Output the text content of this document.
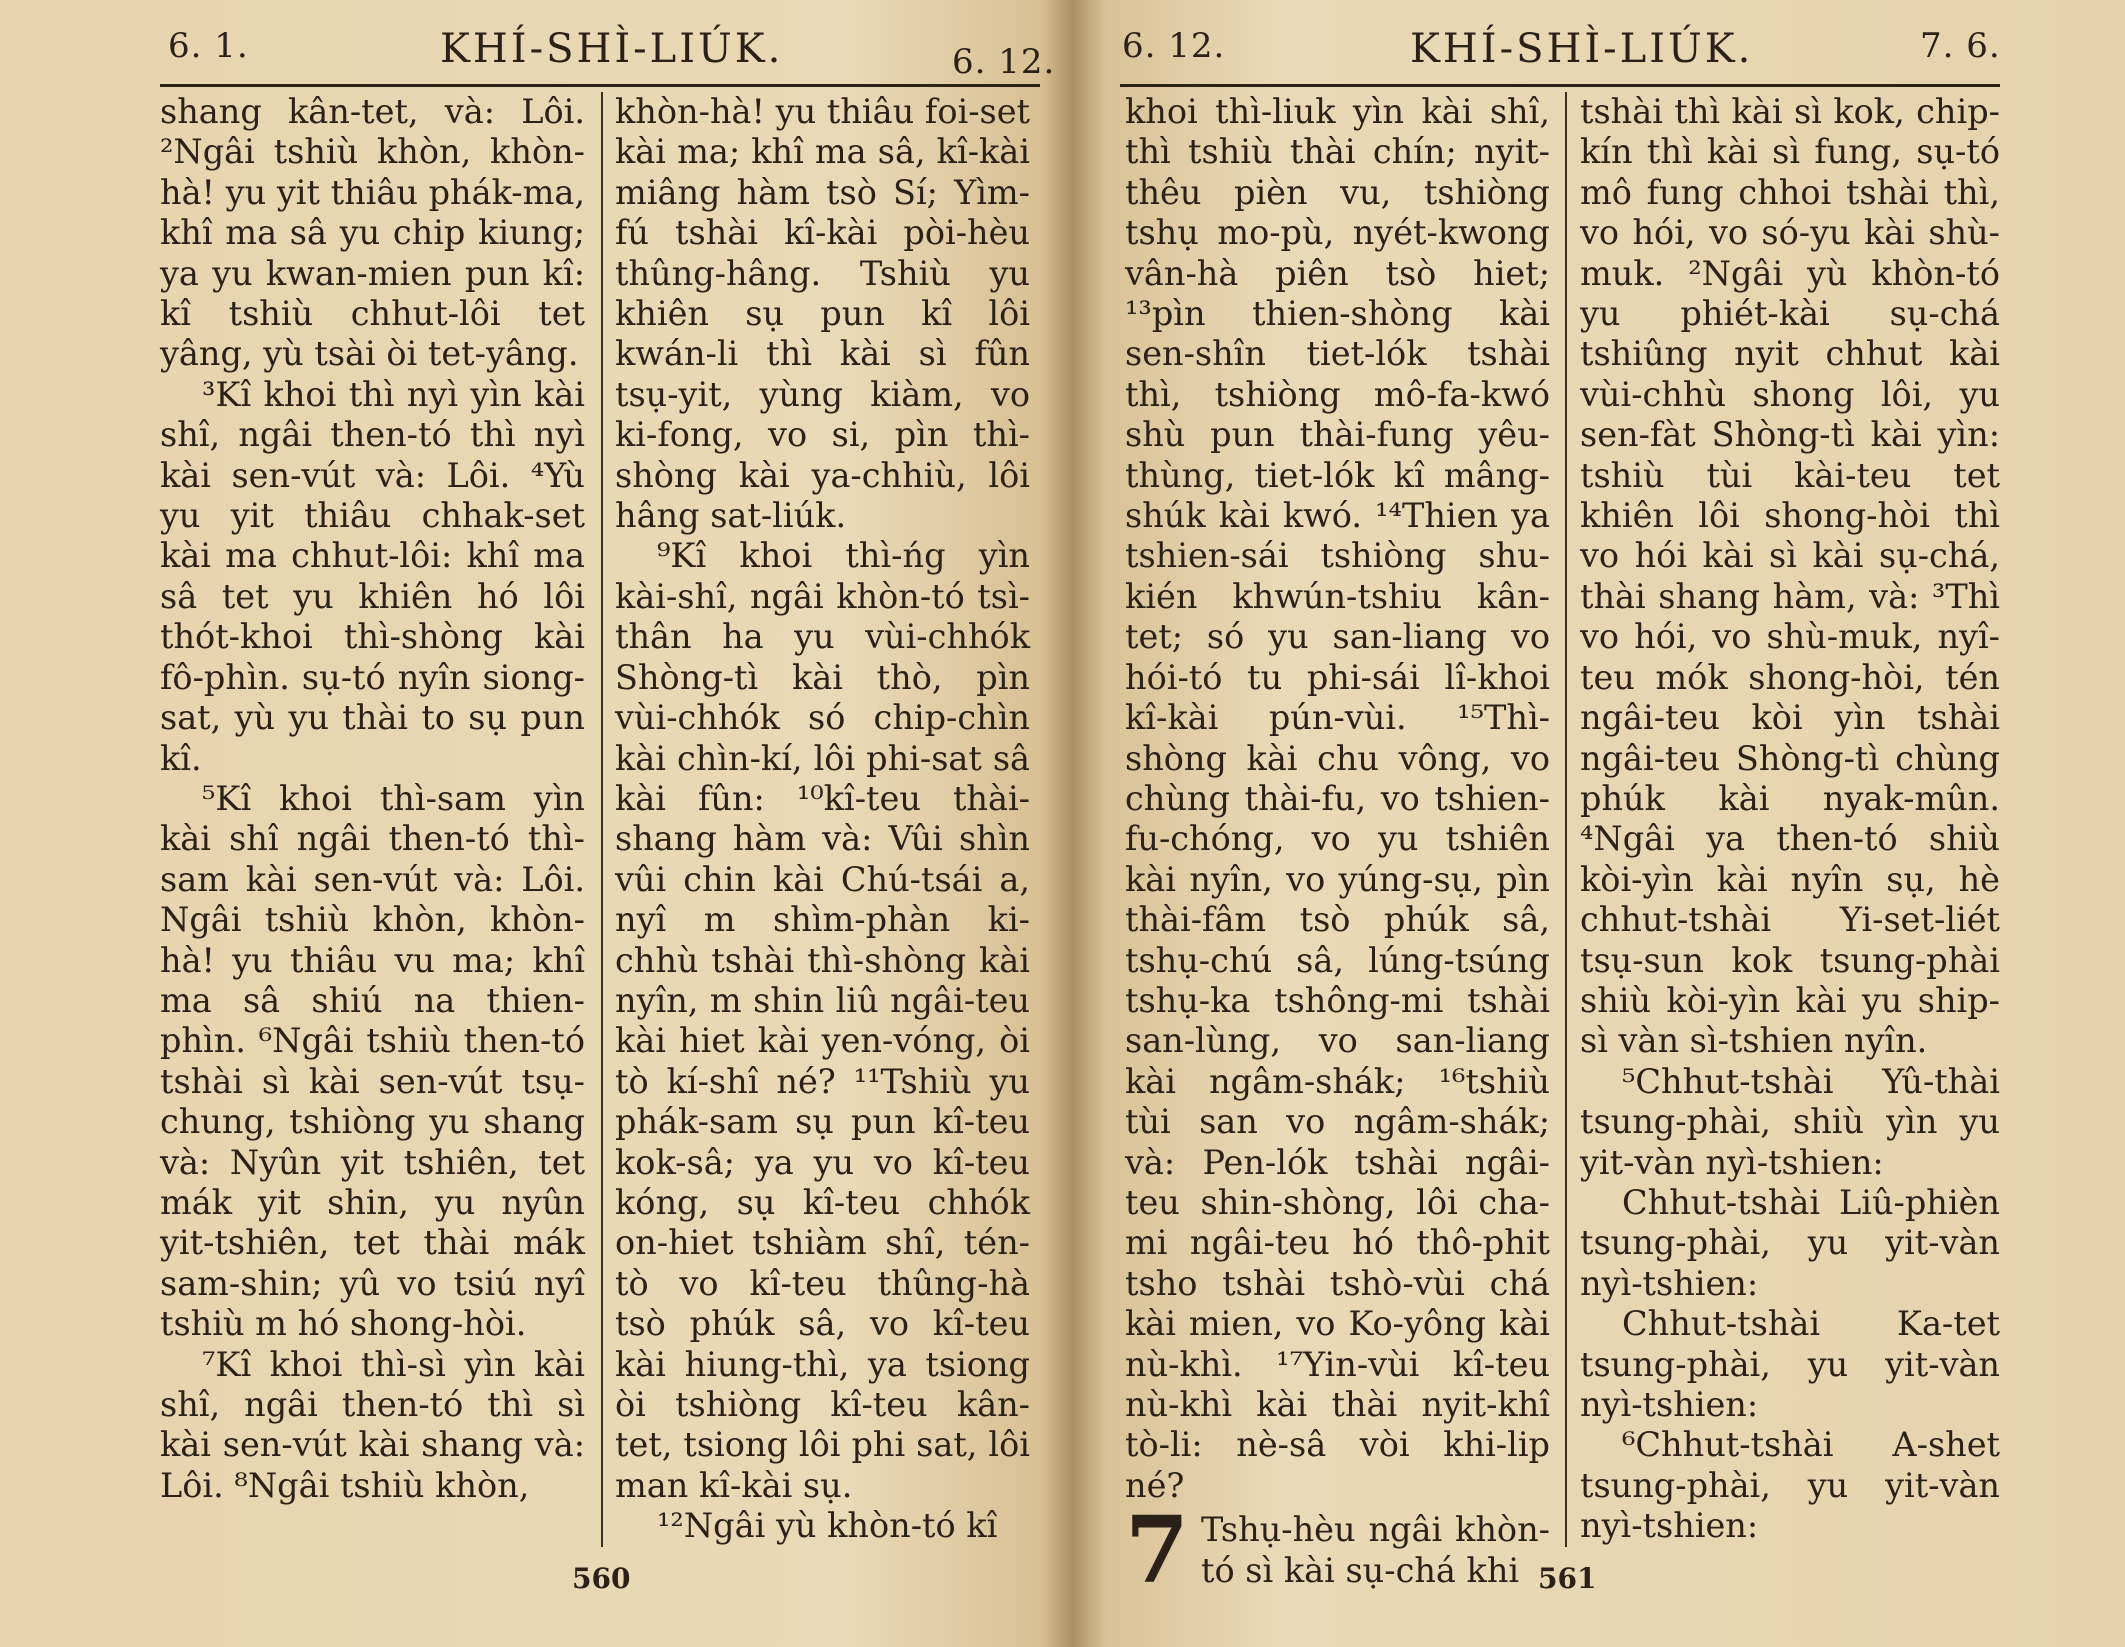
6. 1.	KHÍ-SHÌ-LIÚK.	6. 12.

shang kân-tet, và: Lôi. ²Ngâi tshiù khòn, khòn-hà! yu yit thiâu phák-ma, khî ma sâ yu chip kiung; ya yu kwan-mien pun kî: kî tshiù chhut-lôi tet yâng, yù tsài òi tet-yâng.

³Kî khoi thì nyì yìn kài shî, ngâi then-tó thì nyì kài sen-vút và: Lôi. ⁴Yù yu yit thiâu chhak-set kài ma chhut-lôi: khî ma sâ tet yu khiên hó lôi thót-khoi thì-shòng kài fô-phìn. sụ-tó nyîn siong-sat, yù yu thài to sụ pun kî.

⁵Kî khoi thì-sam yìn kài shî ngâi then-tó thì-sam kài sen-vút và: Lôi. Ngâi tshiù khòn, khòn-hà! yu thiâu vu ma; khî ma sâ shiú na thien-phìn. ⁶Ngâi tshiù then-tó tshài sì kài sen-vút tsụ-chung, tshiòng yu shang và: Nyûn yit tshiên, tet mák yit shin, yu nyûn yit-tshiên, tet thài mák sam-shin; yû vo tsiú nyî tshiù m hó shong-hòi.

⁷Kî khoi thì-sì yìn kài shî, ngâi then-tó thì sì kài sen-vút kài shang và: Lôi. ⁸Ngâi tshiù khòn,

khòn-hà! yu thiâu foi-set kài ma; khî ma sâ, kî-kài miâng hàm tsò Sí; Yìm-fú tshài kî-kài pòi-hèu thûng-hâng. Tshiù yu khiên sụ pun kî lôi kwán-li thì kài sì fûn tsụ-yit, yùng kiàm, vo ki-fong, vo si, pìn thì-shòng kài ya-chhiù, lôi hâng sat-liúk.

⁹Kî khoi thì-ńg yìn kài-shî, ngâi khòn-tó tsì-thân ha yu vùi-chhók Shòng-tì kài thò, pìn vùi-chhók só chip-chìn kài chìn-kí, lôi phi-sat sâ kài fûn: ¹⁰kî-teu thài-shang hàm và: Vûi shìn vûi chin kài Chú-tsái a, nyî m shìm-phàn ki-chhù tshài thì-shòng kài nyîn, m shin liû ngâi-teu kài hiet kài yen-vóng, òi tò kí-shî né? ¹¹Tshiù yu phák-sam sụ pun kî-teu kok-sâ; ya yu vo kî-teu kóng, sụ kî-teu chhók on-hiet tshiàm shî, tén-tò vo kî-teu thûng-hà tsò phúk sâ, vo kî-teu kài hiung-thì, ya tsiong òi tshiòng kî-teu kân-tet, tsiong lôi phi sat, lôi man kî-kài sụ.

¹²Ngâi yù khòn-tó kî

560
6. 12.	KHÍ-SHÌ-LIÚK.	7. 6.

khoi thì-liuk yìn kài shî, thì tshiù thài chín; nyit-thêu pièn vu, tshiòng tshụ mo-pù, nyét-kwong vân-hà piên tsò hiet; ¹³pìn thien-shòng kài sen-shîn tiet-lók tshài thì, tshiòng mô-fa-kwó shù pun thài-fung yêu-thùng, tiet-lók kî mâng-shúk kài kwó. ¹⁴Thien ya tshien-sái tshiòng shu-kién khwún-tshiu kân-tet; só yu san-liang vo hói-tó tu phi-sái lî-khoi kî-kài pún-vùi. ¹⁵Thì-shòng kài chu vông, vo chùng thài-fu, vo tshien-fu-chóng, vo yu tshiên kài nyîn, vo yúng-sụ, pìn thài-fâm tsò phúk sâ, tshụ-chú sâ, lúng-tsúng tshụ-ka tshông-mi tshài san-lùng, vo san-liang kài ngâm-shák; ¹⁶tshiù tùi san vo ngâm-shák; và: Pen-lók tshài ngâi-teu shin-shòng, lôi cha-mi ngâi-teu hó thô-phit tsho tshài tshò-vùi chá kài mien, vo Ko-yông kài nù-khì. ¹⁷Yin-vùi kî-teu nù-khì kài thài nyit-khî tò-li: nè-sâ vòi khi-lip né?

7 Tshụ-hèu ngâi khòn-tó sì kài sụ-chá khi

tshài thì kài sì kok, chip-kín thì kài sì fung, sụ-tó mô fung chhoi tshài thì, vo hói, vo só-yu kài shù-muk. ²Ngâi yù khòn-tó yu phiét-kài sụ-chá tshiûng nyit chhut kài vùi-chhù shong lôi, yu sen-fàt Shòng-tì kài yìn: tshiù tùi kài-teu tet khiên lôi shong-hòi thì vo hói kài sì kài sụ-chá, thài shang hàm, và: ³Thì vo hói, vo shù-muk, nyî-teu mók shong-hòi, tén ngâi-teu kòi yìn tshài ngâi-teu Shòng-tì chùng phúk kài nyak-mûn. ⁴Ngâi ya then-tó shiù kòi-yìn kài nyîn sụ, hè chhut-tshài Yi-set-liét tsụ-sun kok tsung-phài shiù kòi-yìn kài yu ship-sì vàn sì-tshien nyîn.

⁵Chhut-tshài Yû-thài tsung-phài, shiù yìn yu yit-vàn nyì-tshien:

Chhut-tshài Liû-phièn tsung-phài, yu yit-vàn nyì-tshien:

Chhut-tshài Ka-tet tsung-phài, yu yit-vàn nyì-tshien:

⁶Chhut-tshài A-shet tsung-phài, yu yit-vàn nyì-tshien:

561
